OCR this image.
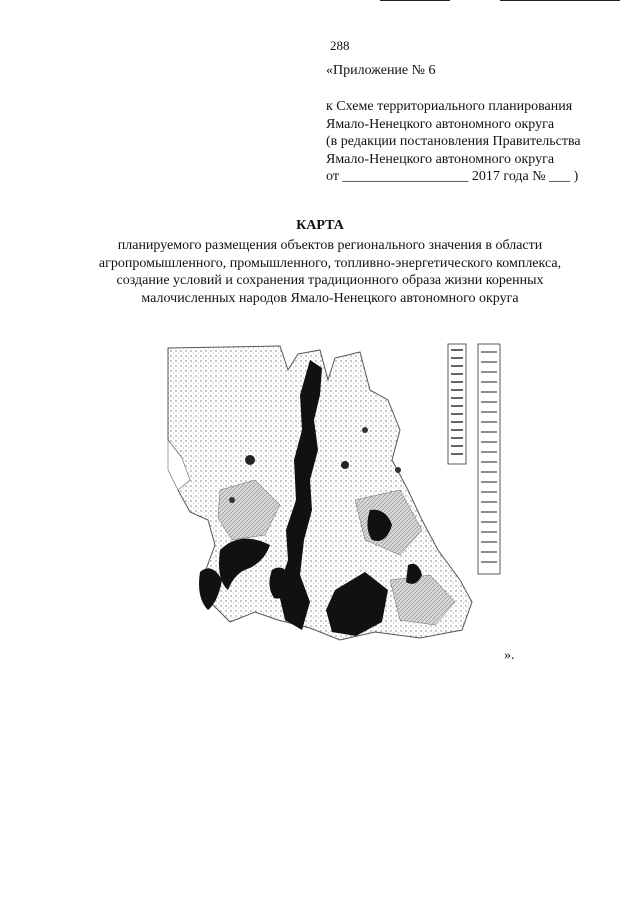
288
«Приложение № 6
к Схеме территориального планирования
Ямало-Ненецкого автономного округа
(в редакции постановления Правительства
Ямало-Ненецкого автономного округа
от __________________ 2017 года № ___ )
КАРТА
планируемого размещения объектов регионального значения в области
агропромышленного, промышленного, топливно-энергетического комплекса,
создание условий и сохранения традиционного образа жизни коренных
малочисленных народов Ямало-Ненецкого автономного округа
».
